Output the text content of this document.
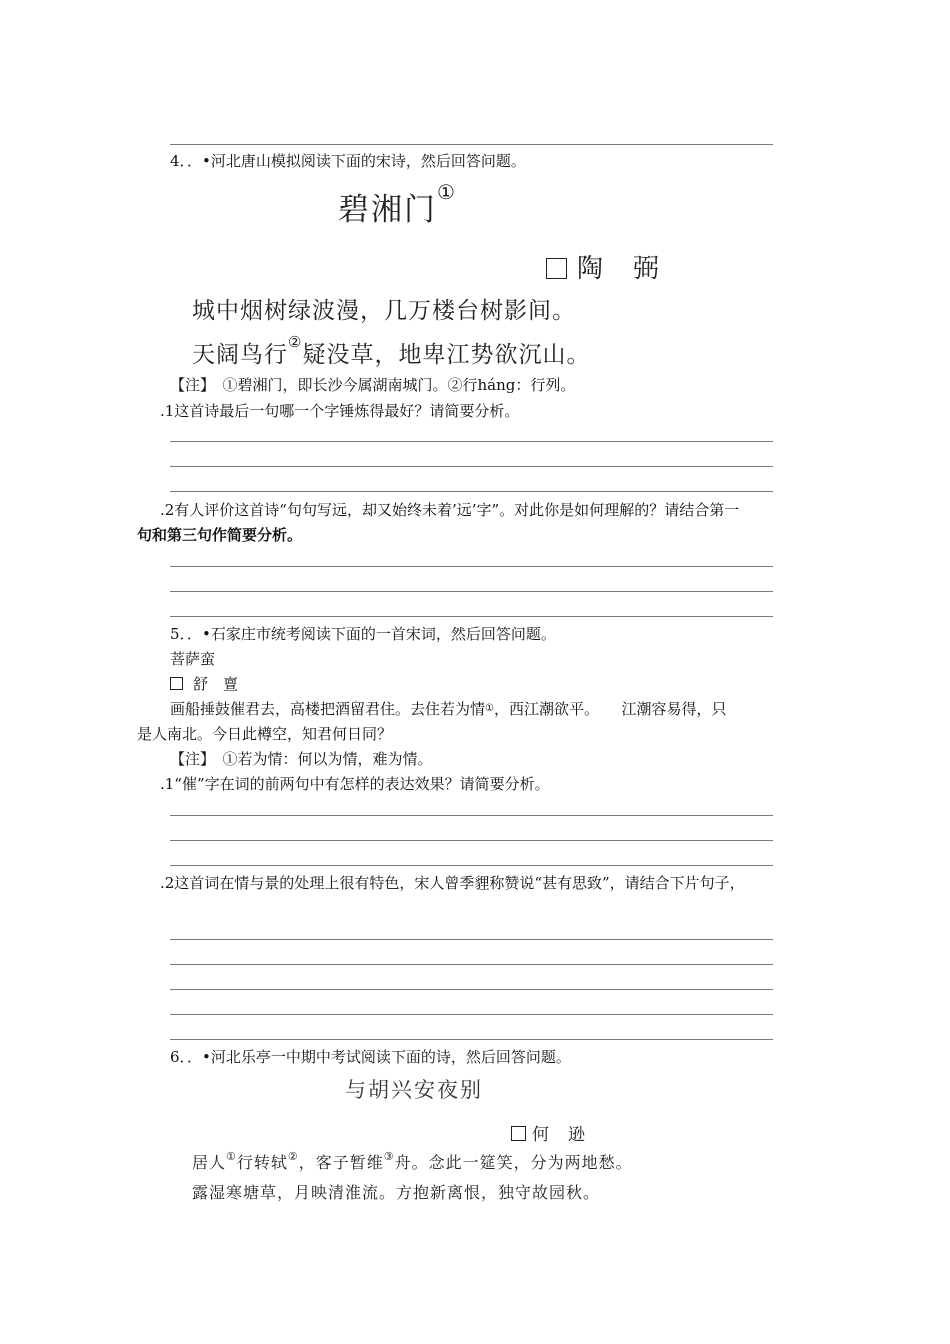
4．．•河北唐山模拟阅读下面的宋诗，然后回答问题。
碧湘门①
陶　弼
城中烟树绿波漫，几万楼台树影间。
天阔鸟行②疑没草，地卑江势欲沉山。
【注】　①碧湘门，即长沙今属湖南城门。②行háng：行列。
.1这首诗最后一句哪一个字锤炼得最好？请简要分析。
.2有人评价这首诗“句句写远，却又始终未着’远’字”。对此你是如何理解的？请结合第一
句和第三句作简要分析。
5．．•石家庄市统考阅读下面的一首宋词，然后回答问题。
菩萨蛮
舒　亶
画船捶鼓催君去，高楼把酒留君住。去住若为情①，西江潮欲平。　　江潮容易得，只
是人南北。今日此樽空，知君何日同？
【注】　①若为情：何以为情，难为情。
.1“催”字在词的前两句中有怎样的表达效果？请简要分析。
.2这首词在情与景的处理上很有特色，宋人曾季貍称赞说“甚有思致”，请结合下片句子，
6．．•河北乐亭一中期中考试阅读下面的诗，然后回答问题。
与胡兴安夜别
何　逊
居人①行转轼②，客子暂维③舟。念此一筵笑，分为两地愁。
露湿寒塘草，月映清淮流。方抱新离恨，独守故园秋。
